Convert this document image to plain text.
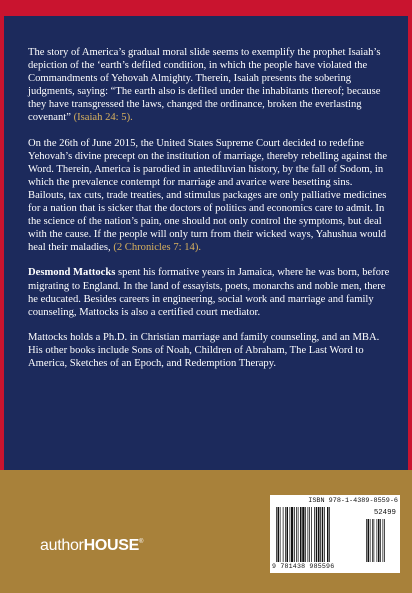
The story of America’s gradual moral slide seems to exemplify the prophet Isaiah’s depiction of the ‘earth’s defiled condition, in which the people have violated the Commandments of Yehovah Almighty. Therein, Isaiah presents the sobering judgments, saying: “The earth also is defiled under the inhabitants thereof; because they have transgressed the laws, changed the ordinance, broken the everlasting covenant” (Isaiah 24: 5).

On the 26th of June 2015, the United States Supreme Court decided to redefine Yehovah’s divine precept on the institution of marriage, thereby rebelling against the Word. Therein, America is parodied in antediluvian history, by the fall of Sodom, in which the prevalence contempt for marriage and avarice were besetting sins. Bailouts, tax cuts, trade treaties, and stimulus packages are only palliative medicines for a nation that is sicker that the doctors of politics and economics care to admit. In the science of the nation’s pain, one should not only control the symptoms, but deal with the cause. If the people will only turn from their wicked ways, Yahushua would heal their maladies, (2 Chronicles 7: 14).

Desmond Mattocks spent his formative years in Jamaica, where he was born, before migrating to England. In the land of essayists, poets, monarchs and noble men, there he educated. Besides careers in engineering, social work and marriage and family counseling, Mattocks is also a certified court mediator.

Mattocks holds a Ph.D. in Christian marriage and family counseling, and an MBA. His other books include Sons of Noah, Children of Abraham, The Last Word to America, Sketches of an Epoch, and Redemption Therapy.

authorHOUSE®
ISBN 978-1-4389-8559-6
52499
9 781438 985596
